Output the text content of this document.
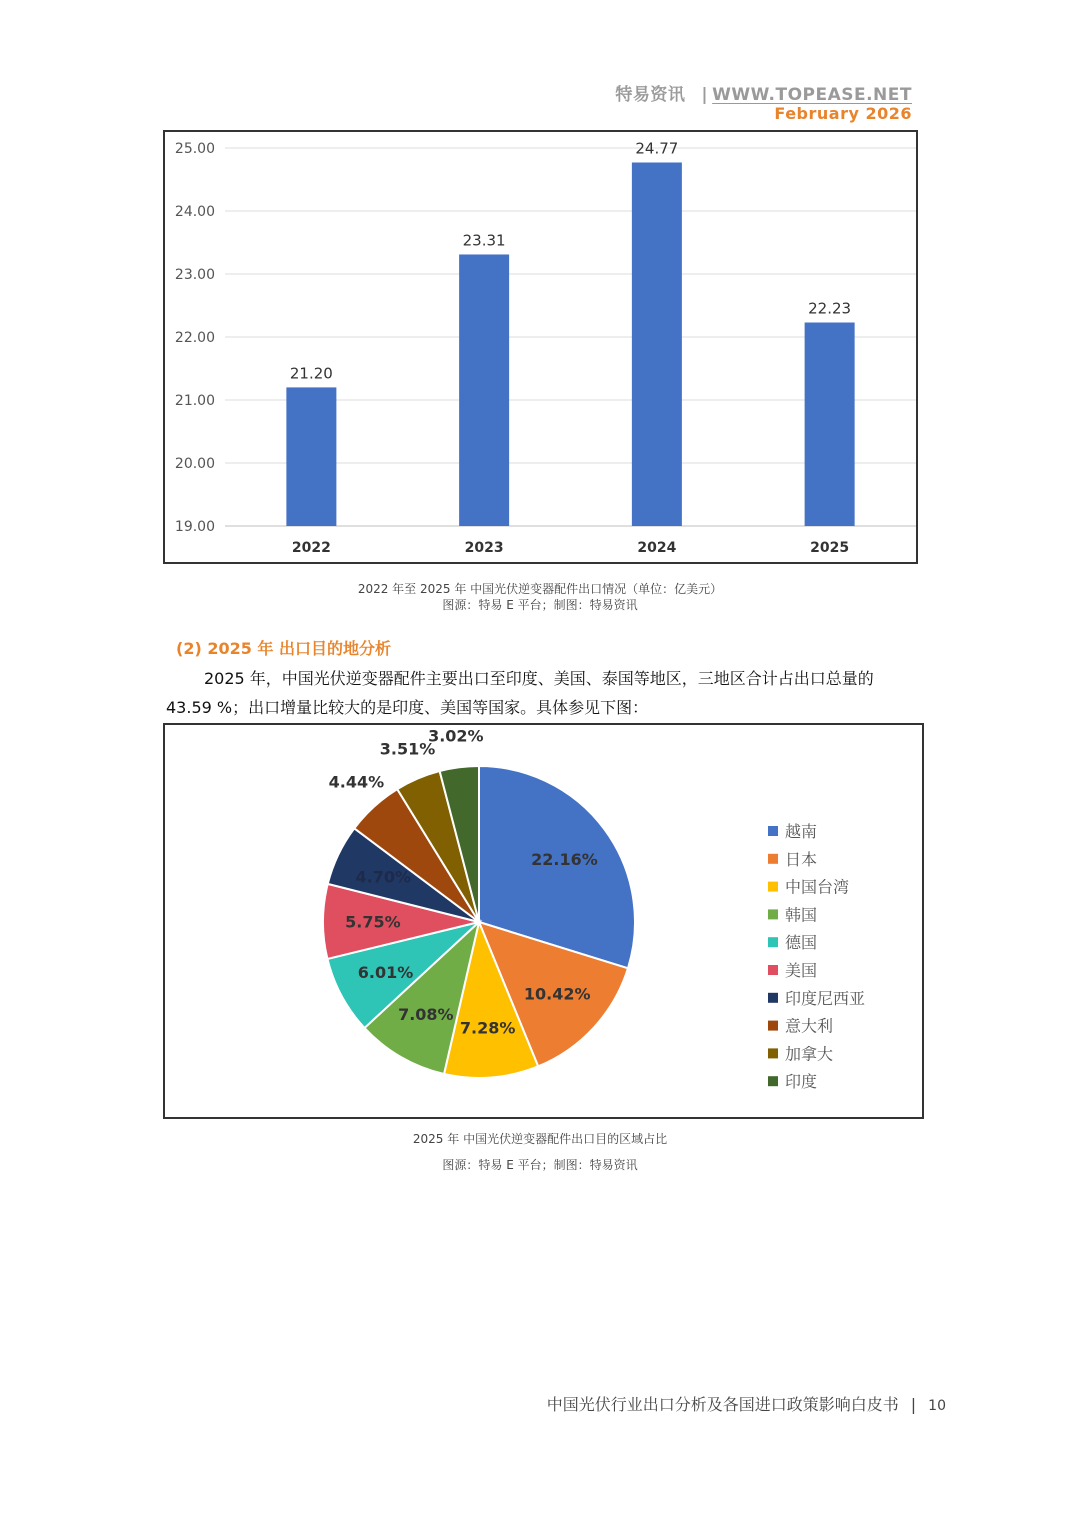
特易资讯 | WWW.TOPEASE.NET
February 2026
19.00
20.00
21.00
22.00
23.00
24.00
25.00
21.20
2022
23.31
2023
24.77
2024
22.23
2025
2022 年至 2025 年 中国光伏逆变器配件出口情况（单位：亿美元）
图源：特易 E 平台；制图：特易资讯
(2) 2025 年 出口目的地分析
2025 年，中国光伏逆变器配件主要出口至印度、美国、泰国等地区，三地区合计占出口总量的 43.59 %；出口增量比较大的是印度、美国等国家。具体参见下图：
22.16%
10.42%
7.28%
7.08%
6.01%
5.75%
4.70%
4.44%
3.51%
3.02%
越南
日本
中国台湾
韩国
德国
美国
印度尼西亚
意大利
加拿大
印度
2025 年 中国光伏逆变器配件出口目的区域占比
图源：特易 E 平台；制图：特易资讯
中国光伏行业出口分析及各国进口政策影响白皮书 | 10
